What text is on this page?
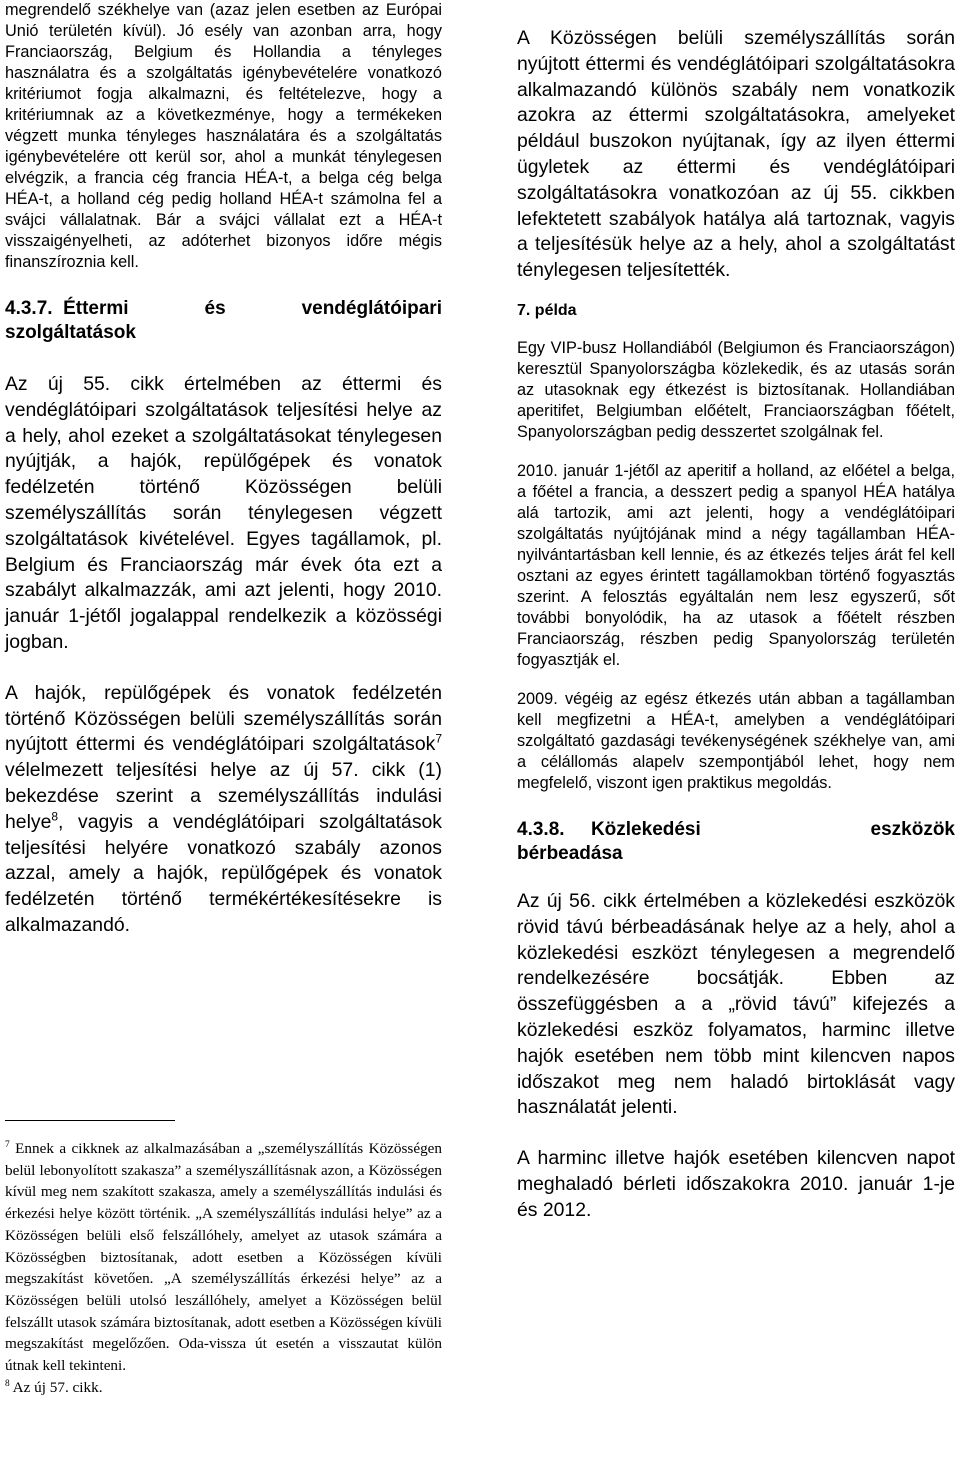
megrendelő székhelye van (azaz jelen esetben az Európai Unió területén kívül). Jó esély van azonban arra, hogy Franciaország, Belgium és Hollandia a tényleges használatra és a szolgáltatás igénybevételére vonatkozó kritériumot fogja alkalmazni, és feltételezve, hogy a kritériumnak az a következménye, hogy a termékeken végzett munka tényleges használatára és a szolgáltatás igénybevételére ott kerül sor, ahol a munkát ténylegesen elvégzik, a francia cég francia HÉA-t, a belga cég belga HÉA-t, a holland cég pedig holland HÉA-t számolna fel a svájci vállalatnak. Bár a svájci vállalat ezt a HÉA-t visszaigényelheti, az adóterhet bizonyos időre mégis finanszíroznia kell.

4.3.7. Éttermi	és	vendéglátóipari
szolgáltatások

Az új 55. cikk értelmében az éttermi és vendéglátóipari szolgáltatások teljesítési helye az a hely, ahol ezeket a szolgáltatásokat ténylegesen nyújtják, a hajók, repülőgépek és vonatok fedélzetén történő Közösségen belüli személyszállítás során ténylegesen végzett szolgáltatások kivételével. Egyes tagállamok, pl. Belgium és Franciaország már évek óta ezt a szabályt alkalmazzák, ami azt jelenti, hogy 2010. január 1-jétől jogalappal rendelkezik a közösségi jogban.

A hajók, repülőgépek és vonatok fedélzetén történő Közösségen belüli személyszállítás során nyújtott éttermi és vendéglátóipari szolgáltatások$^7$ vélelmezett teljesítési helye az új 57. cikk (1) bekezdése szerint a személyszállítás indulási helye$^8$, vagyis a vendéglátóipari szolgáltatások teljesítési helyére vonatkozó szabály azonos azzal, amely a hajók, repülőgépek és vonatok fedélzetén történő termékértékesítésekre is alkalmazandó.

$^7$ Ennek a cikknek az alkalmazásában a „személyszállítás Közösségen belül lebonyolított szakasza” a személyszállításnak azon, a Közösségen kívül meg nem szakított szakasza, amely a személyszállítás indulási és érkezési helye között történik. „A személyszállítás indulási helye” az a Közösségen belüli első felszállóhely, amelyet az utasok számára a Közösségben biztosítanak, adott esetben a Közösségen kívüli megszakítást követően. „A személyszállítás érkezési helye” az a Közösségen belüli utolsó leszállóhely, amelyet a Közösségen belül felszállt utasok számára biztosítanak, adott esetben a Közösségen kívüli megszakítást megelőzően. Oda-vissza út esetén a visszautat külön útnak kell tekinteni.

$^8$ Az új 57. cikk.

A Közösségen belüli személyszállítás során nyújtott éttermi és vendéglátóipari szolgáltatásokra alkalmazandó különös szabály nem vonatkozik azokra az éttermi szolgáltatásokra, amelyeket például buszokon nyújtanak, így az ilyen éttermi ügyletek az éttermi és vendéglátóipari szolgáltatásokra vonatkozóan az új 55. cikkben lefektetett szabályok hatálya alá tartoznak, vagyis a teljesítésük helye az a hely, ahol a szolgáltatást ténylegesen teljesítették.

7. példa

Egy VIP-busz Hollandiából (Belgiumon és Franciaországon) keresztül Spanyolországba közlekedik, és az utasás során az utasoknak egy étkezést is biztosítanak. Hollandiában aperitifet, Belgiumban előételt, Franciaországban főételt, Spanyolországban pedig desszertet szolgálnak fel.

2010. január 1-jétől az aperitif a holland, az előétel a belga, a főétel a francia, a desszert pedig a spanyol HÉA hatálya alá tartozik, ami azt jelenti, hogy a vendéglátóipari szolgáltatás nyújtójának mind a négy tagállamban HÉA-nyilvántartásban kell lennie, és az étkezés teljes árát fel kell osztani az egyes érintett tagállamokban történő fogyasztás szerint. A felosztás egyáltalán nem lesz egyszerű, sőt további bonyolódik, ha az utasok a főételt részben Franciaország, részben pedig Spanyolország területén fogyasztják el.

2009. végéig az egész étkezés után abban a tagállamban kell megfizetni a HÉA-t, amelyben a vendéglátóipari szolgáltató gazdasági tevékenységének székhelye van, ami a célállomás alapelv szempontjából lehet, hogy nem megfelelő, viszont igen praktikus megoldás.

4.3.8. Közlekedési	eszközök
bérbeadása

Az új 56. cikk értelmében a közlekedési eszközök rövid távú bérbeadásának helye az a hely, ahol a közlekedési eszközt ténylegesen a megrendelő rendelkezésére bocsátják. Ebben az összefüggésben a a „rövid távú” kifejezés a közlekedési eszköz folyamatos, harminc illetve hajók esetében nem több mint kilencven napos időszakot meg nem haladó birtoklását vagy használatát jelenti.

A harminc illetve hajók esetében kilencven napot meghaladó bérleti időszakokra 2010. január 1-je és 2012.
